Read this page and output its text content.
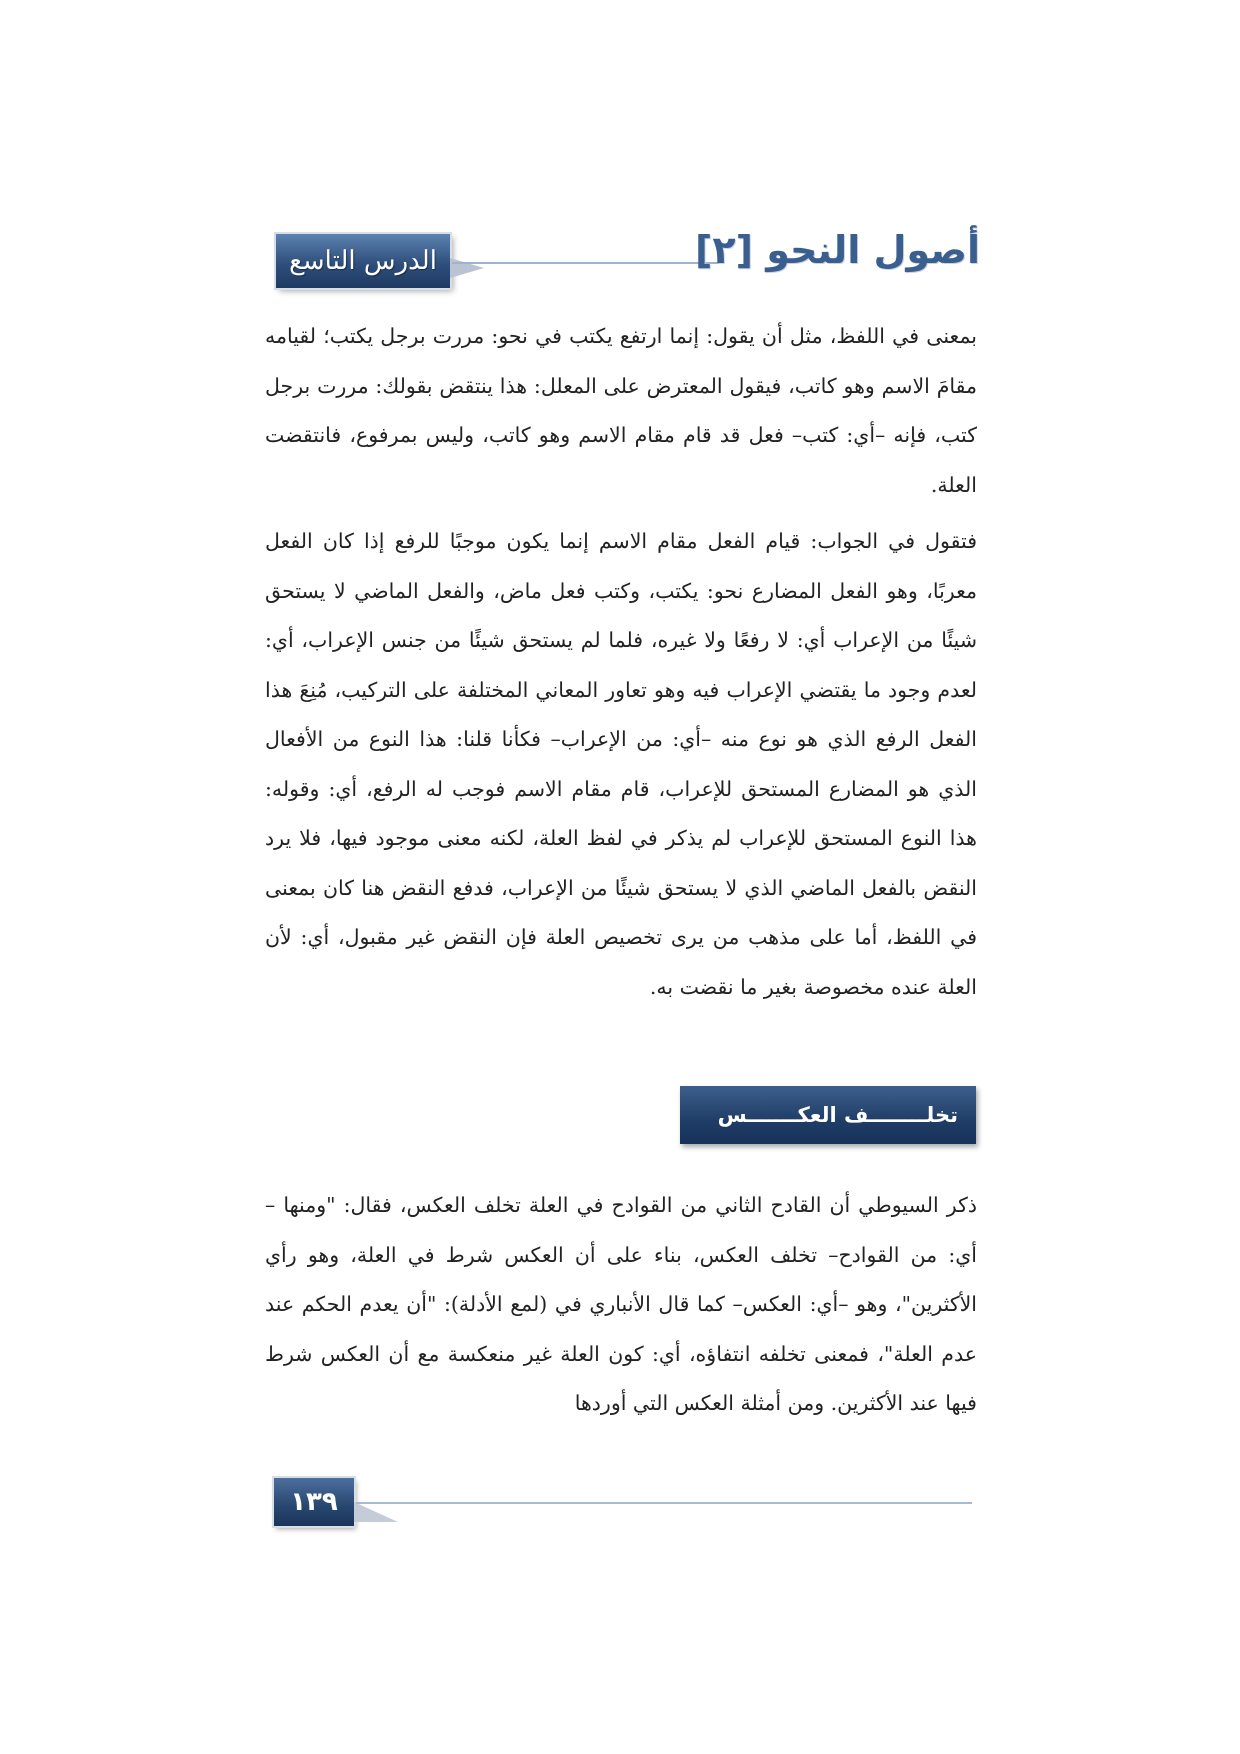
الدرس التاسع	أصول النحو [٢]

بمعنى في اللفظ، مثل أن يقول: إنما ارتفع يكتب في نحو: مررت برجل يكتب؛ لقيامه مقامَ الاسم وهو كاتب، فيقول المعترض على المعلل: هذا ينتقض بقولك: مررت برجل كتب، فإنه –أي: كتب– فعل قد قام مقام الاسم وهو كاتب، وليس بمرفوع، فانتقضت العلة.

فتقول في الجواب: قيام الفعل مقام الاسم إنما يكون موجبًا للرفع إذا كان الفعل معربًا، وهو الفعل المضارع نحو: يكتب، وكتب فعل ماض، والفعل الماضي لا يستحق شيئًا من الإعراب أي: لا رفعًا ولا غيره، فلما لم يستحق شيئًا من جنس الإعراب، أي: لعدم وجود ما يقتضي الإعراب فيه وهو تعاور المعاني المختلفة على التركيب، مُنِعَ هذا الفعل الرفع الذي هو نوع منه –أي: من الإعراب– فكأنا قلنا: هذا النوع من الأفعال الذي هو المضارع المستحق للإعراب، قام مقام الاسم فوجب له الرفع، أي: وقوله: هذا النوع المستحق للإعراب لم يذكر في لفظ العلة، لكنه معنى موجود فيها، فلا يرد النقض بالفعل الماضي الذي لا يستحق شيئًا من الإعراب، فدفع النقض هنا كان بمعنى في اللفظ، أما على مذهب من يرى تخصيص العلة فإن النقض غير مقبول، أي: لأن العلة عنده مخصوصة بغير ما نقضت به.

تخلــــــــف العكـــــــس

ذكر السيوطي أن القادح الثاني من القوادح في العلة تخلف العكس، فقال: "ومنها –أي: من القوادح– تخلف العكس، بناء على أن العكس شرط في العلة، وهو رأي الأكثرين"، وهو –أي: العكس– كما قال الأنباري في (لمع الأدلة): "أن يعدم الحكم عند عدم العلة"، فمعنى تخلفه انتفاؤه، أي: كون العلة غير منعكسة مع أن العكس شرط فيها عند الأكثرين. ومن أمثلة العكس التي أوردها

١٣٩
